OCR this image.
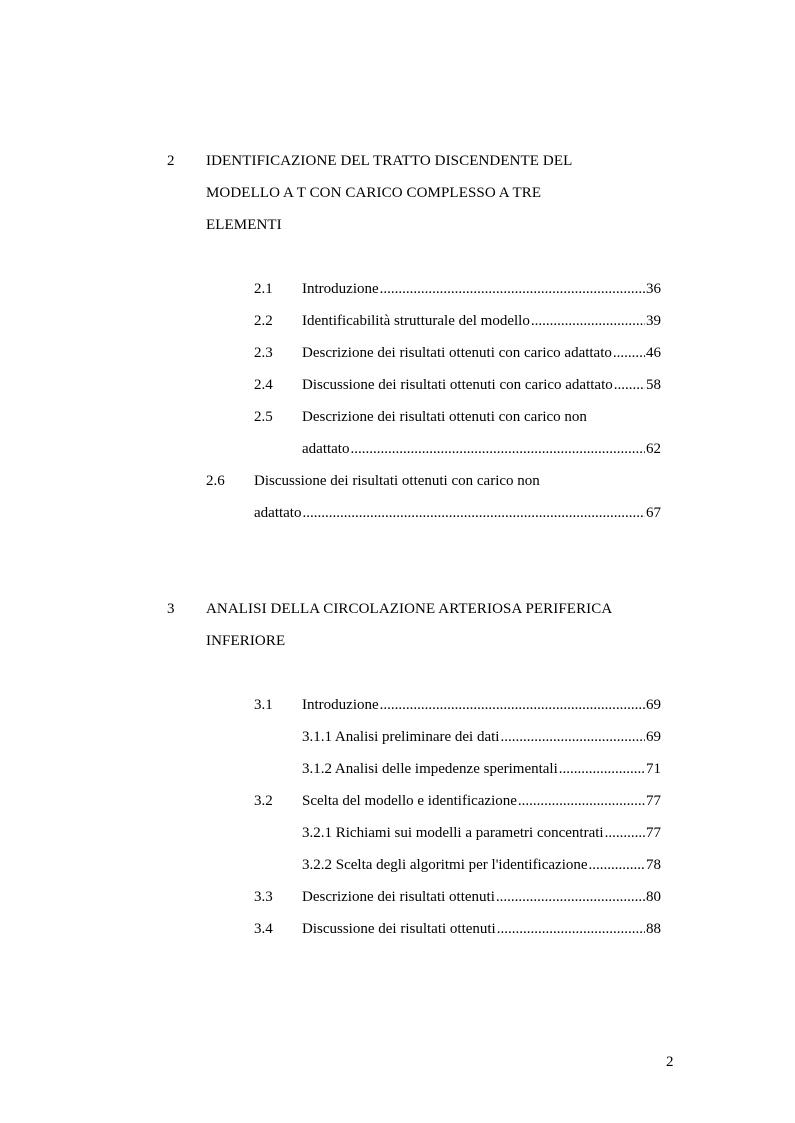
2 IDENTIFICAZIONE DEL TRATTO DISCENDENTE DEL
MODELLO A T CON CARICO COMPLESSO A TRE
ELEMENTI
2.1 Introduzione .....	36
2.2 Identificabilità strutturale del modello .....	39
2.3 Descrizione dei risultati ottenuti con carico adattato ..... 46
2.4 Discussione dei risultati ottenuti con carico adattato ..... 58
2.5 Descrizione dei risultati ottenuti con carico non
adattato .....	62
2.6 Discussione dei risultati ottenuti con carico non
adattato .....	67
3 ANALISI DELLA CIRCOLAZIONE ARTERIOSA PERIFERICA
INFERIORE
3.1 Introduzione .....	69
3.1.1 Analisi preliminare dei dati .....	69
3.1.2 Analisi delle impedenze sperimentali .....	71
3.2 Scelta del modello e identificazione .....	77
3.2.1 Richiami sui modelli a parametri concentrati .....	77
3.2.2 Scelta degli algoritmi per l'identificazione .....	78
3.3 Descrizione dei risultati ottenuti .....	80
3.4 Discussione dei risultati ottenuti .....	88
2
